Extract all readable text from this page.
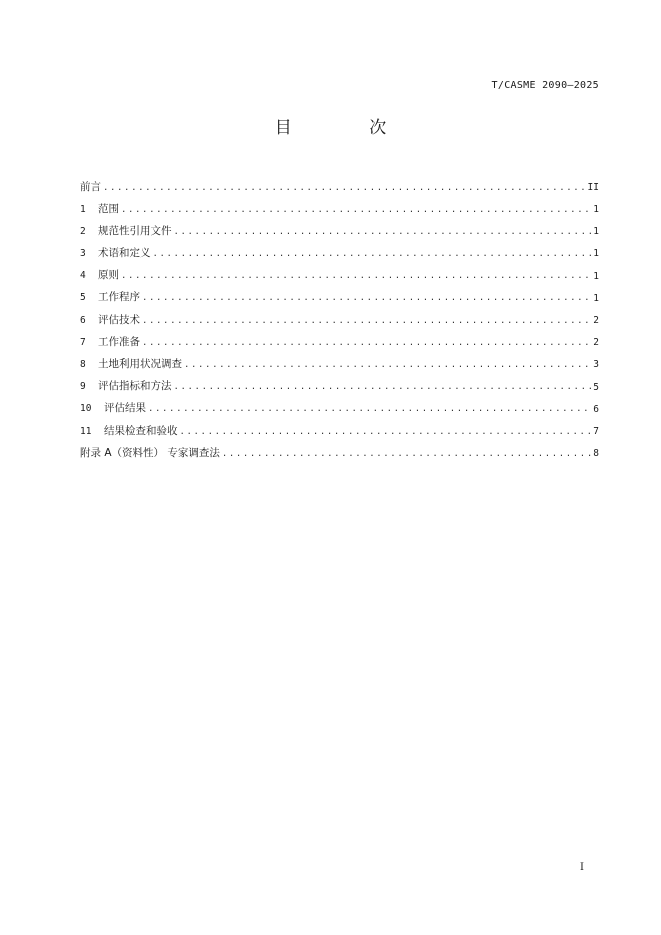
T/CASME 2090—2025
目 次
前言 .....	II
1 范围 .....	1
2 规范性引用文件 .....	1
3 术语和定义 .....	1
4 原则 .....	1
5 工作程序 .....	1
6 评估技术 .....	2
7 工作准备 .....	2
8 土地利用状况调查 .....	3
9 评估指标和方法 .....	5
10 评估结果 .....	6
11 结果检查和验收 .....	7
附录 A（资料性） 专家调查法 .....	8
I
